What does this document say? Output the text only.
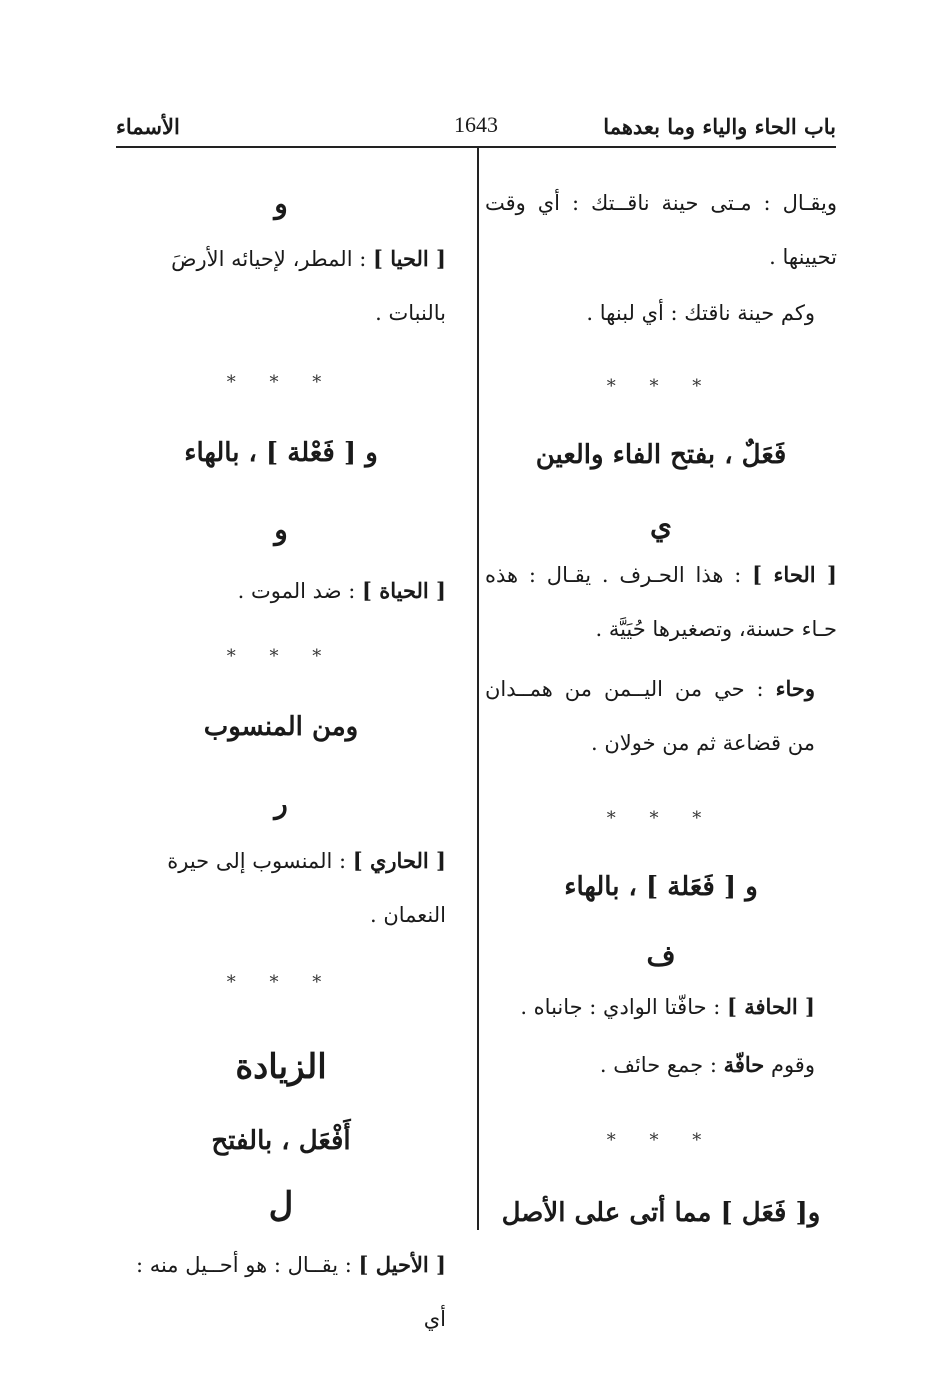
باب الحاء والياء وما بعدهما
1643
الأسماء

ويقـال : مـتى حينة ناقــتك : أي وقت تحيينها .

وكم حينة ناقتك : أي لبنها .

* * *

فَعَلٌ ، بفتح الفاء والعين

ي

[ الحاء ] : هذا الحـرف . يقـال : هذه حـاء حسنة، وتصغيرها حُيَيَّة .

وحاء : حي من اليــمن من همــدان من قضاعة ثم من خولان .

* * *

و [ فَعَلة ] ، بالهاء

ف

[ الحافة ] : حافّتا الوادي : جانباه .

وقوم حافّة : جمع حائف .

* * *

و[ فَعَل ] مما أتى على الأصل

و

[ الحيا ] : المطر، لإحيائه الأرضَ بالنبات .

* * *

و [ فَعْلة ] ، بالهاء

و

[ الحياة ] : ضد الموت .

* * *

ومن المنسوب

ر

[ الحاري ] : المنسوب إلى حيرة النعمان .

* * *

الزيادة

أَفْعَل ، بالفتح

ل

[ الأحيل ] : يقــال : هو أحــيل منه : أي
